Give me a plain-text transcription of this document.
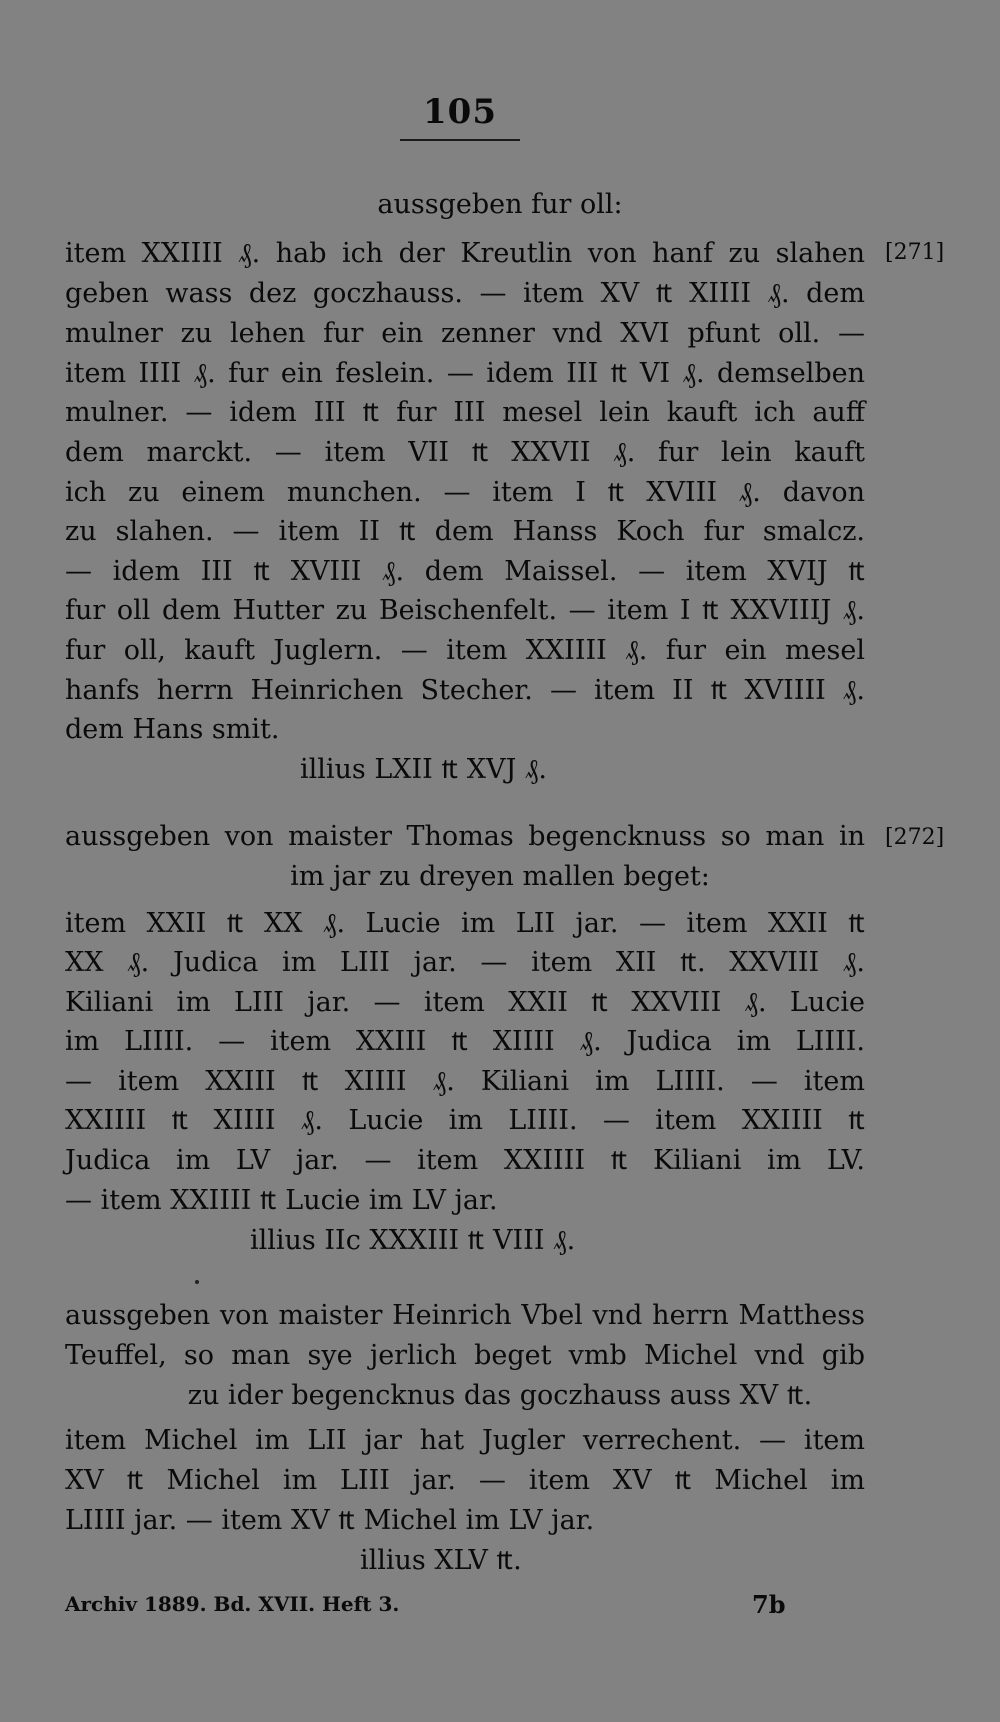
105
aussgeben fur oll:
[271]
item XXIIII ₰. hab ich der Kreutlin von hanf zu slahen
geben wass dez goczhauss. — item XV ₶ XIIII ₰. dem
mulner zu lehen fur ein zenner vnd XVI pfunt oll. —
item IIII ₰. fur ein feslein. — idem III ₶ VI ₰. demselben
mulner. — idem III ₶ fur III mesel lein kauft ich auff
dem marckt. — item VII ₶ XXVII ₰. fur lein kauft
ich zu einem munchen. — item I ₶ XVIII ₰. davon
zu slahen. — item II ₶ dem Hanss Koch fur smalcz.
— idem III ₶ XVIII ₰. dem Maissel. — item XVIJ ₶
fur oll dem Hutter zu Beischenfelt. — item I ₶ XXVIIIJ ₰.
fur oll, kauft Juglern. — item XXIIII ₰. fur ein mesel
hanfs herrn Heinrichen Stecher. — item II ₶ XVIIII ₰.
dem Hans smit.
illius LXII ₶ XVJ ₰.
aussgeben von maister Thomas begencknuss so man in [272]
im jar zu dreyen mallen beget:
item XXII ₶ XX ₰. Lucie im LII jar. — item XXII ₶
XX ₰. Judica im LIII jar. — item XII ₶. XXVIII ₰.
Kiliani im LIII jar. — item XXII ₶ XXVIII ₰. Lucie
im LIIII. — item XXIII ₶ XIIII ₰. Judica im LIIII.
— item XXIII ₶ XIIII ₰. Kiliani im LIIII. — item
XXIIII ₶ XIIII ₰. Lucie im LIIII. — item XXIIII ₶
Judica im LV jar. — item XXIIII ₶ Kiliani im LV.
— item XXIIII ₶ Lucie im LV jar.
illius IIc XXXIII ₶ VIII ₰.
aussgeben von maister Heinrich Vbel vnd herrn Matthess
Teuffel, so man sye jerlich beget vmb Michel vnd gib
zu ider begencknus das goczhauss auss XV ₶.
item Michel im LII jar hat Jugler verrechent. — item
XV ₶ Michel im LIII jar. — item XV ₶ Michel im
LIIII jar. — item XV ₶ Michel im LV jar.
illius XLV ₶.
Archiv 1889. Bd. XVII. Heft 3.	7b
